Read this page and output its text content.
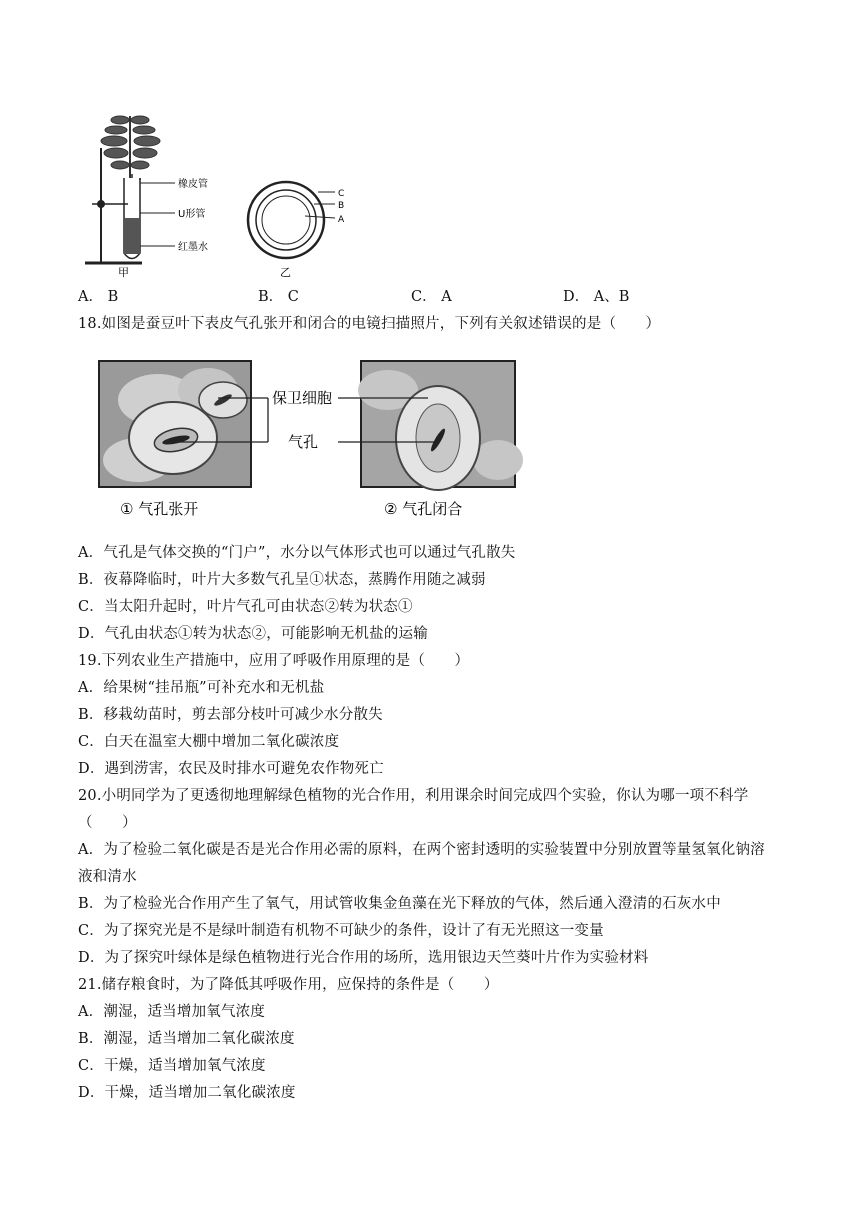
橡皮管
U形管
红墨水
甲
C
B
A
乙
A． B	B． C	C． A	D． A、B
18.如图是蚕豆叶下表皮气孔张开和闭合的电镜扫描照片，下列有关叙述错误的是（　　）
保卫细胞
气孔
① 气孔张开	② 气孔闭合
A．气孔是气体交换的“门户”，水分以气体形式也可以通过气孔散失
B．夜幕降临时，叶片大多数气孔呈①状态，蒸腾作用随之减弱
C．当太阳升起时，叶片气孔可由状态②转为状态①
D．气孔由状态①转为状态②，可能影响无机盐的运输
19.下列农业生产措施中，应用了呼吸作用原理的是（　　）
A．给果树“挂吊瓶”可补充水和无机盐
B．移栽幼苗时，剪去部分枝叶可减少水分散失
C．白天在温室大棚中增加二氧化碳浓度
D．遇到涝害，农民及时排水可避免农作物死亡
20.小明同学为了更透彻地理解绿色植物的光合作用，利用课余时间完成四个实验，你认为哪一项不科学
（　　）
A．为了检验二氧化碳是否是光合作用必需的原料，在两个密封透明的实验装置中分别放置等量氢氧化钠溶
液和清水
B．为了检验光合作用产生了氧气，用试管收集金鱼藻在光下释放的气体，然后通入澄清的石灰水中
C．为了探究光是不是绿叶制造有机物不可缺少的条件，设计了有无光照这一变量
D．为了探究叶绿体是绿色植物进行光合作用的场所，选用银边天竺葵叶片作为实验材料
21.储存粮食时，为了降低其呼吸作用，应保持的条件是（　　）
A．潮湿，适当增加氧气浓度
B．潮湿，适当增加二氧化碳浓度
C．干燥，适当增加氧气浓度
D．干燥，适当增加二氧化碳浓度
